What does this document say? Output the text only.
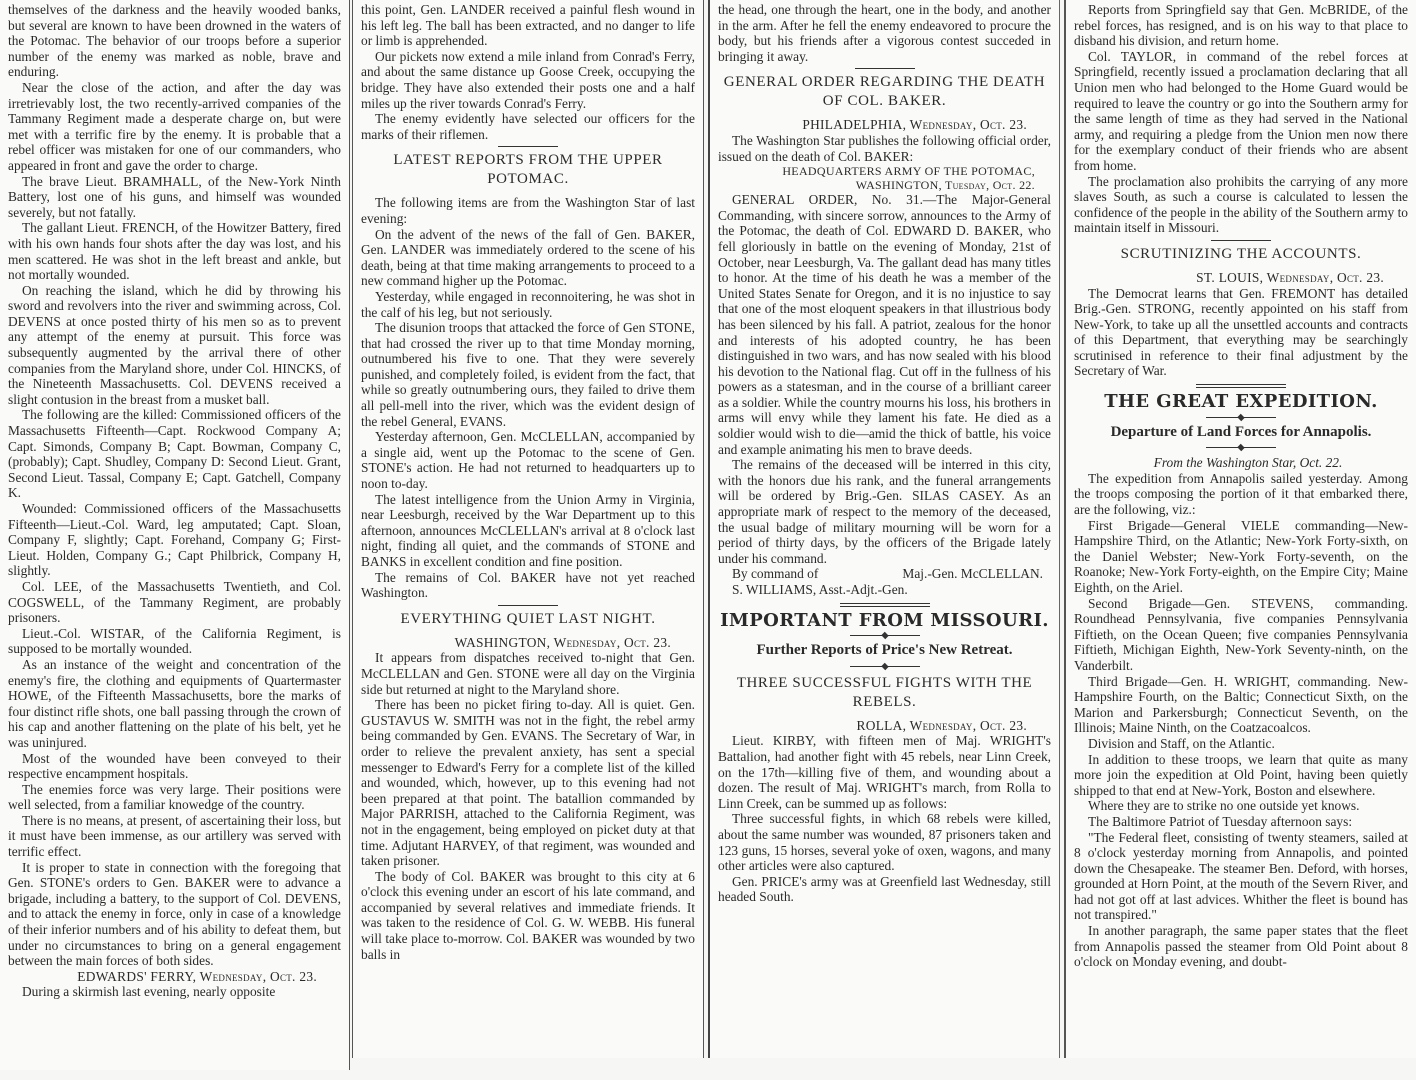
themselves of the darkness and the heavily wooded banks, but several are known to have been drowned in the waters of the Potomac. The behavior of our troops before a superior number of the enemy was marked as noble, brave and enduring.

Near the close of the action, and after the day was irretrievably lost, the two recently-arrived companies of the Tammany Regiment made a desperate charge on, but were met with a terrific fire by the enemy. It is probable that a rebel officer was mistaken for one of our commanders, who appeared in front and gave the order to charge.

The brave Lieut. BRAMHALL, of the New-York Ninth Battery, lost one of his guns, and himself was wounded severely, but not fatally.

The gallant Lieut. FRENCH, of the Howitzer Battery, fired with his own hands four shots after the day was lost, and his men scattered. He was shot in the left breast and ankle, but not mortally wounded.

On reaching the island, which he did by throwing his sword and revolvers into the river and swimming across, Col. DEVENS at once posted thirty of his men so as to prevent any attempt of the enemy at pursuit. This force was subsequently augmented by the arrival there of other companies from the Maryland shore, under Col. HINCKS, of the Nineteenth Massachusetts. Col. DEVENS received a slight contusion in the breast from a musket ball.

The following are the killed: Commissioned officers of the Massachusetts Fifteenth—Capt. Rockwood Company A; Capt. Simonds, Company B; Capt. Bowman, Company C, (probably); Capt. Shudley, Company D: Second Lieut. Grant, Second Lieut. Tassal, Company E; Capt. Gatchell, Company K.

Wounded: Commissioned officers of the Massachusetts Fifteenth—Lieut.-Col. Ward, leg amputated; Capt. Sloan, Company F, slightly; Capt. Forehand, Company G; First-Lieut. Holden, Company G.; Capt Philbrick, Company H, slightly.

Col. LEE, of the Massachusetts Twentieth, and Col. COGSWELL, of the Tammany Regiment, are probably prisoners.

Lieut.-Col. WISTAR, of the California Regiment, is supposed to be mortally wounded.

As an instance of the weight and concentration of the enemy's fire, the clothing and equipments of Quartermaster HOWE, of the Fifteenth Massachusetts, bore the marks of four distinct rifle shots, one ball passing through the crown of his cap and another flattening on the plate of his belt, yet he was uninjured.

Most of the wounded have been conveyed to their respective encampment hospitals.

The enemies force was very large. Their positions were well selected, from a familiar knowedge of the country.

There is no means, at present, of ascertaining their loss, but it must have been immense, as our artillery was served with terrific effect.

It is proper to state in connection with the foregoing that Gen. STONE's orders to Gen. BAKER were to advance a brigade, including a battery, to the support of Col. DEVENS, and to attack the enemy in force, only in case of a knowledge of their inferior numbers and of his ability to defeat them, but under no circumstances to bring on a general engagement between the main forces of both sides.

EDWARDS' FERRY, Wednesday, Oct. 23.

During a skirmish last evening, nearly opposite

this point, Gen. LANDER received a painful flesh wound in his left leg. The ball has been extracted, and no danger to life or limb is apprehended.

Our pickets now extend a mile inland from Conrad's Ferry, and about the same distance up Goose Creek, occupying the bridge. They have also extended their posts one and a half miles up the river towards Conrad's Ferry.

The enemy evidently have selected our officers for the marks of their riflemen.

LATEST REPORTS FROM THE UPPER POTOMAC.

The following items are from the Washington Star of last evening:

On the advent of the news of the fall of Gen. BAKER, Gen. LANDER was immediately ordered to the scene of his death, being at that time making arrangements to proceed to a new command higher up the Potomac.

Yesterday, while engaged in reconnoitering, he was shot in the calf of his leg, but not seriously.

The disunion troops that attacked the force of Gen STONE, that had crossed the river up to that time Monday morning, outnumbered his five to one. That they were severely punished, and completely foiled, is evident from the fact, that while so greatly outnumbering ours, they failed to drive them all pell-mell into the river, which was the evident design of the rebel General, EVANS.

Yesterday afternoon, Gen. McCLELLAN, accompanied by a single aid, went up the Potomac to the scene of Gen. STONE's action. He had not returned to headquarters up to noon to-day.

The latest intelligence from the Union Army in Virginia, near Leesburgh, received by the War Department up to this afternoon, announces McCLELLAN's arrival at 8 o'clock last night, finding all quiet, and the commands of STONE and BANKS in excellent condition and fine position.

The remains of Col. BAKER have not yet reached Washington.

EVERYTHING QUIET LAST NIGHT.

WASHINGTON, Wednesday, Oct. 23.

It appears from dispatches received to-night that Gen. McCLELLAN and Gen. STONE were all day on the Virginia side but returned at night to the Maryland shore.

There has been no picket firing to-day. All is quiet. Gen. GUSTAVUS W. SMITH was not in the fight, the rebel army being commanded by Gen. EVANS. The Secretary of War, in order to relieve the prevalent anxiety, has sent a special messenger to Edward's Ferry for a complete list of the killed and wounded, which, however, up to this evening had not been prepared at that point. The batallion commanded by Major PARRISH, attached to the California Regiment, was not in the engagement, being employed on picket duty at that time. Adjutant HARVEY, of that regiment, was wounded and taken prisoner.

The body of Col. BAKER was brought to this city at 6 o'clock this evening under an escort of his late command, and accompanied by several relatives and immediate friends. It was taken to the residence of Col. G. W. WEBB. His funeral will take place to-morrow. Col. BAKER was wounded by two balls in

the head, one through the heart, one in the body, and another in the arm. After he fell the enemy endeavored to procure the body, but his friends after a vigorous contest succeded in bringing it away.

GENERAL ORDER REGARDING THE DEATH OF COL. BAKER.

PHILADELPHIA, Wednesday, Oct. 23.

The Washington Star publishes the following official order, issued on the death of Col. BAKER:

HEADQUARTERS ARMY OF THE POTOMAC,
WASHINGTON, Tuesday, Oct. 22.

GENERAL ORDER, No. 31.—The Major-General Commanding, with sincere sorrow, announces to the Army of the Potomac, the death of Col. EDWARD D. BAKER, who fell gloriously in battle on the evening of Monday, 21st of October, near Leesburgh, Va. The gallant dead has many titles to honor. At the time of his death he was a member of the United States Senate for Oregon, and it is no injustice to say that one of the most eloquent speakers in that illustrious body has been silenced by his fall. A patriot, zealous for the honor and interests of his adopted country, he has been distinguished in two wars, and has now sealed with his blood his devotion to the National flag. Cut off in the fullness of his powers as a statesman, and in the course of a brilliant career as a soldier. While the country mourns his loss, his brothers in arms will envy while they lament his fate. He died as a soldier would wish to die—amid the thick of battle, his voice and example animating his men to brave deeds.

The remains of the deceased will be interred in this city, with the honors due his rank, and the funeral arrangements will be ordered by Brig.-Gen. SILAS CASEY. As an appropriate mark of respect to the memory of the deceased, the usual badge of military mourning will be worn for a period of thirty days, by the officers of the Brigade lately under his command.

By command of	Maj.-Gen. McCLELLAN.

S. WILLIAMS, Asst.-Adjt.-Gen.

IMPORTANT FROM MISSOURI.
Further Reports of Price's New Retreat.
THREE SUCCESSFUL FIGHTS WITH THE REBELS.

ROLLA, Wednesday, Oct. 23.

Lieut. KIRBY, with fifteen men of Maj. WRIGHT's Battalion, had another fight with 45 rebels, near Linn Creek, on the 17th—killing five of them, and wounding about a dozen. The result of Maj. WRIGHT's march, from Rolla to Linn Creek, can be summed up as follows:

Three successful fights, in which 68 rebels were killed, about the same number was wounded, 87 prisoners taken and 123 guns, 15 horses, several yoke of oxen, wagons, and many other articles were also captured.

Gen. PRICE's army was at Greenfield last Wednesday, still headed South.

Reports from Springfield say that Gen. McBRIDE, of the rebel forces, has resigned, and is on his way to that place to disband his division, and return home.

Col. TAYLOR, in command of the rebel forces at Springfield, recently issued a proclamation declaring that all Union men who had belonged to the Home Guard would be required to leave the country or go into the Southern army for the same length of time as they had served in the National army, and requiring a pledge from the Union men now there for the exemplary conduct of their friends who are absent from home.

The proclamation also prohibits the carrying of any more slaves South, as such a course is calculated to lessen the confidence of the people in the ability of the Southern army to maintain itself in Missouri.

SCRUTINIZING THE ACCOUNTS.

ST. LOUIS, Wednesday, Oct. 23.

The Democrat learns that Gen. FREMONT has detailed Brig.-Gen. STRONG, recently appointed on his staff from New-York, to take up all the unsettled accounts and contracts of this Department, that everything may be searchingly scrutinised in reference to their final adjustment by the Secretary of War.

THE GREAT EXPEDITION.
Departure of Land Forces for Annapolis.

From the Washington Star, Oct. 22.

The expedition from Annapolis sailed yesterday. Among the troops composing the portion of it that embarked there, are the following, viz.:

First Brigade—General VIELE commanding—New-Hampshire Third, on the Atlantic; New-York Forty-sixth, on the Daniel Webster; New-York Forty-seventh, on the Roanoke; New-York Forty-eighth, on the Empire City; Maine Eighth, on the Ariel.

Second Brigade—Gen. STEVENS, commanding. Roundhead Pennsylvania, five companies Pennsylvania Fiftieth, on the Ocean Queen; five companies Pennsylvania Fiftieth, Michigan Eighth, New-York Seventy-ninth, on the Vanderbilt.

Third Brigade—Gen. H. WRIGHT, commanding. New-Hampshire Fourth, on the Baltic; Connecticut Sixth, on the Marion and Parkersburgh; Connecticut Seventh, on the Illinois; Maine Ninth, on the Coatzacoalcos.

Division and Staff, on the Atlantic.

In addition to these troops, we learn that quite as many more join the expedition at Old Point, having been quietly shipped to that end at New-York, Boston and elsewhere.

Where they are to strike no one outside yet knows.

The Baltimore Patriot of Tuesday afternoon says:

"The Federal fleet, consisting of twenty steamers, sailed at 8 o'clock yesterday morning from Annapolis, and pointed down the Chesapeake. The steamer Ben. Deford, with horses, grounded at Horn Point, at the mouth of the Severn River, and had not got off at last advices. Whither the fleet is bound has not transpired."

In another paragraph, the same paper states that the fleet from Annapolis passed the steamer from Old Point about 8 o'clock on Monday evening, and doubt-
